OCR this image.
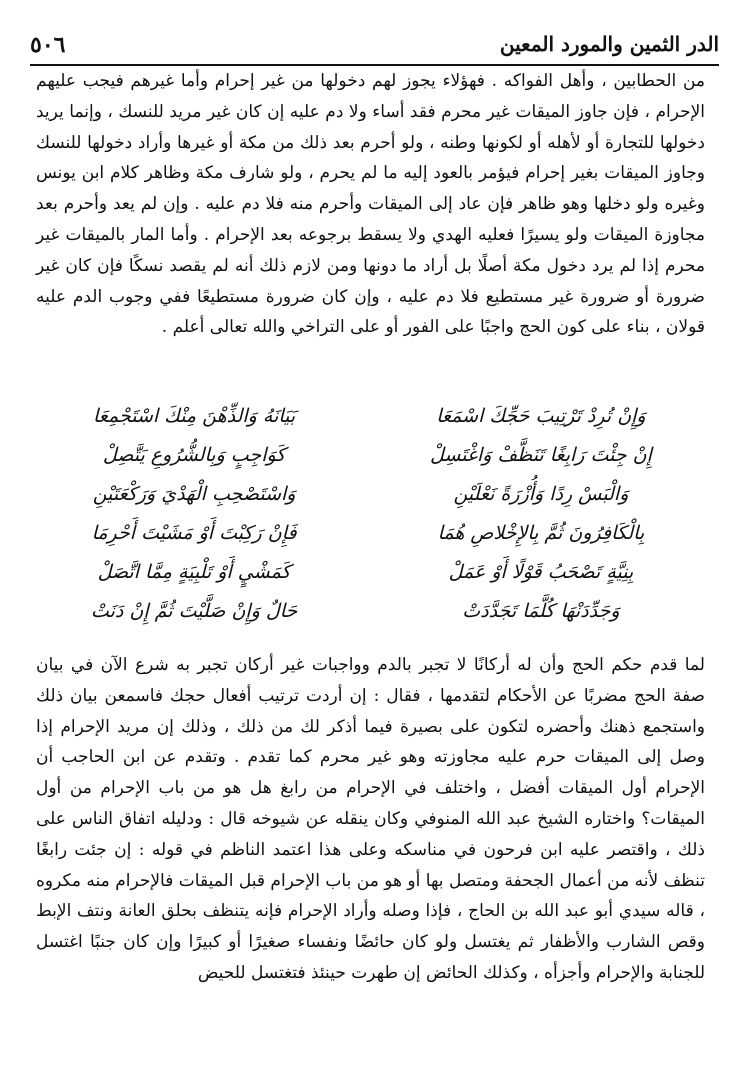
الدر الثمين والمورد المعين
٥٠٦
من الحطابين ، وأهل الفواكه . فهؤلاء يجوز لهم دخولها من غير إحرام وأما غيرهم فيجب عليهم الإحرام ، فإن جاوز الميقات غير محرم فقد أساء ولا دم عليه إن كان غير مريد للنسك ، وإنما يريد دخولها للتجارة أو لأهله أو لكونها وطنه ، ولو أحرم بعد ذلك من مكة أو غيرها وأراد دخولها للنسك وجاوز الميقات بغير إحرام فيؤمر بالعود إليه ما لم يحرم ، ولو شارف مكة وظاهر كلام ابن يونس وغيره ولو دخلها وهو ظاهر فإن عاد إلى الميقات وأحرم منه فلا دم عليه . وإن لم يعد وأحرم بعد مجاوزة الميقات ولو يسيرًا فعليه الهدي ولا يسقط برجوعه بعد الإحرام . وأما المار بالميقات غير محرم إذا لم يرد دخول مكة أصلًا بل أراد ما دونها ومن لازم ذلك أنه لم يقصد نسكًا فإن كان غير ضرورة أو ضرورة غير مستطيع فلا دم عليه ، وإن كان ضرورة مستطيعًا ففي وجوب الدم عليه قولان ، بناء على كون الحج واجبًا على الفور أو على التراخي والله تعالى أعلم .
وَإِنْ تُرِدْ تَرْتِيبَ حَجِّكَ اسْمَعَا
بَيَانَهُ وَالذِّهْنَ مِنْكَ اسْتَجْمِعَا
إِنْ جِئْتَ رَابِغًا تَنَظَّفْ وَاغْتَسِلْ
كَوَاجِبٍ وَبِالشُّرُوعِ يَتَّصِلْ
وَالْبَسْ رِدًا وَأُزْرَةً نَعْلَيْنِ
وَاسْتَصْحِبِ الْهَدْيَ وَرَكْعَتَيْنِ
بِالْكَافِرُونَ ثُمَّ بِالإِخْلاصِ هُمَا
فَإِنْ رَكِبْتَ أَوْ مَشَيْتَ أَحْرِمَا
بِنِيَّةٍ تَصْحَبُ قَوْلًا أَوْ عَمَلْ
كَمَشْيٍ أَوْ تَلْبِيَةٍ مِمَّا اتَّصَلْ
وَجَدِّدَنْهَا كُلَّمَا تَجَدَّدَتْ
حَالٌ وَإِنْ صَلَّيْتَ ثُمَّ إِنْ دَنَتْ
لما قدم حكم الحج وأن له أركانًا لا تجبر بالدم وواجبات غير أركان تجبر به شرع الآن في بيان صفة الحج مضربًا عن الأحكام لتقدمها ، فقال : إن أردت ترتيب أفعال حجك فاسمعن بيان ذلك واستجمع ذهنك وأحضره لتكون على بصيرة فيما أذكر لك من ذلك ، وذلك إن مريد الإحرام إذا وصل إلى الميقات حرم عليه مجاوزته وهو غير محرم كما تقدم . وتقدم عن ابن الحاجب أن الإحرام أول الميقات أفضل ، واختلف في الإحرام من رابغ هل هو من باب الإحرام من أول الميقات؟ واختاره الشيخ عبد الله المنوفي وكان ينقله عن شيوخه قال : ودليله اتفاق الناس على ذلك ، واقتصر عليه ابن فرحون في مناسكه وعلى هذا اعتمد الناظم في قوله : إن جئت رابغًا تنظف لأنه من أعمال الجحفة ومتصل بها أو هو من باب الإحرام قبل الميقات فالإحرام منه مكروه ، قاله سيدي أبو عبد الله بن الحاج ، فإذا وصله وأراد الإحرام فإنه يتنظف بحلق العانة ونتف الإبط وقص الشارب والأظفار ثم يغتسل ولو كان حائضًا ونفساء صغيرًا أو كبيرًا وإن كان جنبًا اغتسل للجنابة والإحرام وأجزأه ، وكذلك الحائض إن طهرت حينئذ فتغتسل للحيض
